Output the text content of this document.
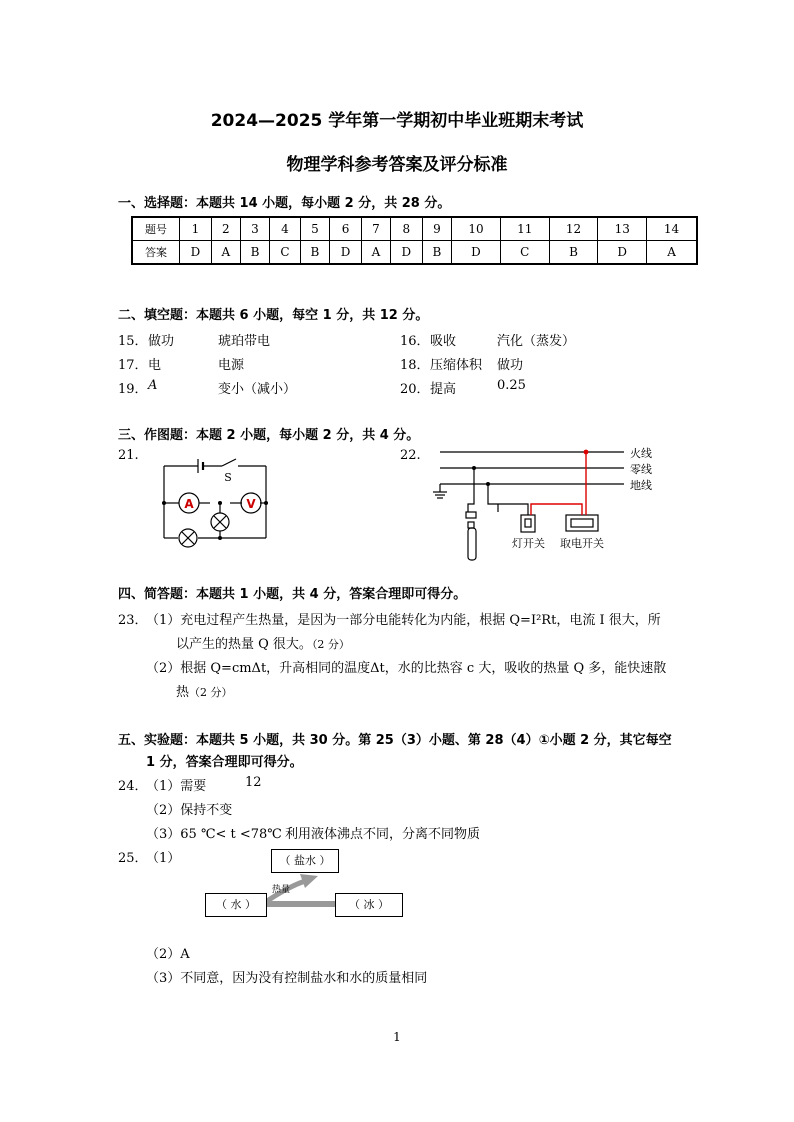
2024—2025 学年第一学期初中毕业班期末考试
物理学科参考答案及评分标准
一、选择题：本题共 14 小题，每小题 2 分，共 28 分。
题号	1	2	3	4	5	6	7	8	9	10	11	12	13	14
答案	D	A	B	C	B	D	A	D	B	D	C	B	D	A
二、填空题：本题共 6 小题，每空 1 分，共 12 分。
15． 做功	琥珀带电	16． 吸收	汽化（蒸发）
17． 电	电源	18． 压缩体积 做功
19． A	变小（减小）	20． 提高	0.25
三、作图题：本题 2 小题，每小题 2 分，共 4 分。
21.	22.
A	V
S
火线
零线
地线
灯开关 取电开关
四、简答题：本题共 1 小题，共 4 分，答案合理即可得分。
23．
（1）充电过程产生热量，是因为一部分电能转化为内能，根据 Q=I²Rt，电流 I 很大，所
以产生的热量 Q 很大。（2 分）
（2）根据 Q=cmΔt，升高相同的温度Δt，水的比热容 c 大，吸收的热量 Q 多，能快速散
热（2 分）
五、实验题：本题共 5 小题，共 30 分。第 25（3）小题、第 28（4）①小题 2 分，其它每空
1 分，答案合理即可得分。
24．
（1）需要	12
（2）保持不变
（3）65 ℃< t <78℃ 利用液体沸点不同，分离不同物质
25．
（1）	（ 盐水 ）
（ 水 ）	（ 冰 ）
热量
（2）A
（3）不同意，因为没有控制盐水和水的质量相同
1
